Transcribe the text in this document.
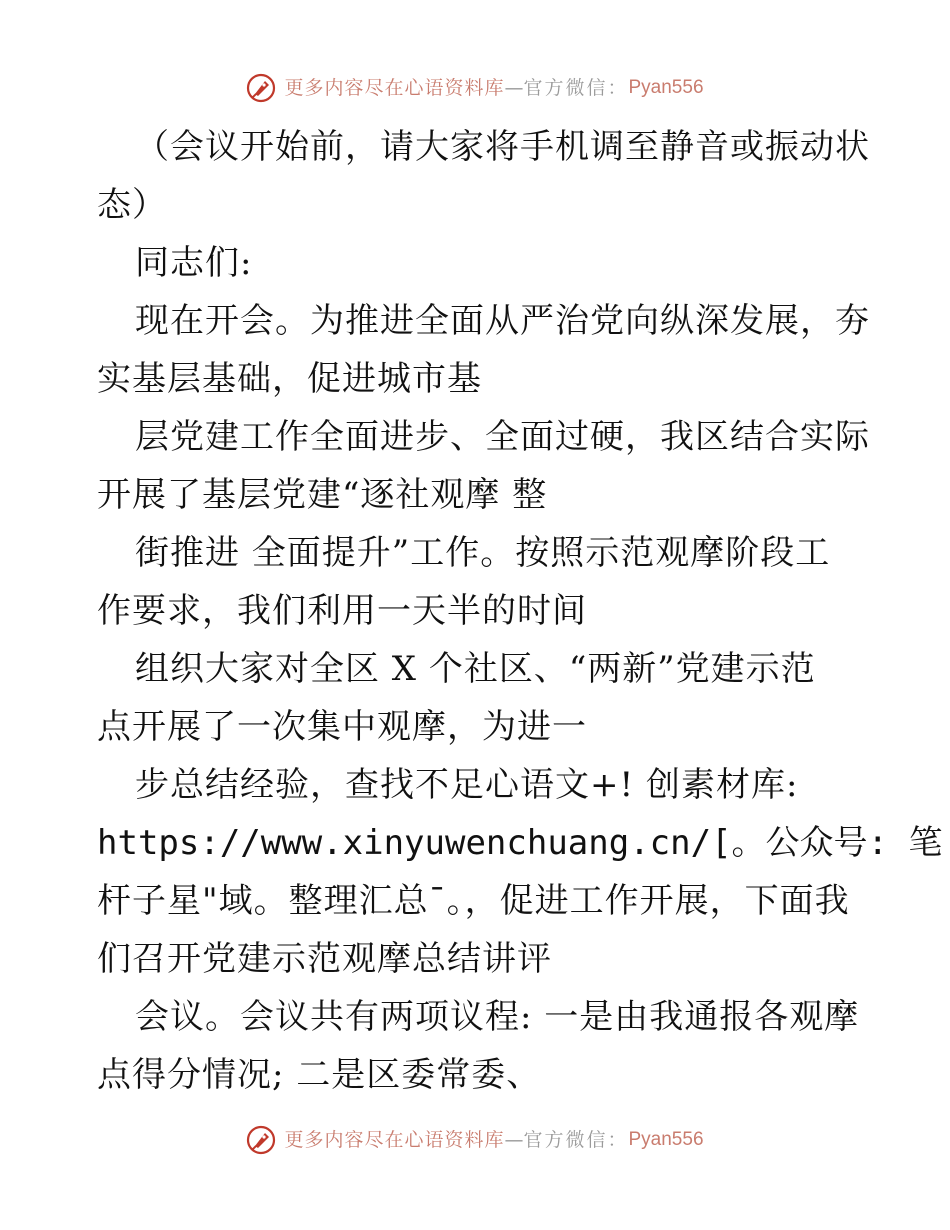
更多内容尽在心语资料库 — 官方微信： Pyan556
（会议开始前，请大家将手机调至静音或振动状
态）
同志们:
现在开会。为推进全面从严治党向纵深发展，夯
实基层基础，促进城市基
层党建工作全面进步、全面过硬，我区结合实际
开展了基层党建“逐社观摩 整
街推进 全面提升”工作。按照示范观摩阶段工
作要求，我们利用一天半的时间
组织大家对全区 X 个社区、“两新”党建示范
点开展了一次集中观摩，为进一
步总结经验，查找不足心语文+! 创素材库:
https://www.xinyuwenchuang.cn/[。公众号: 笔
杆子星"域。整理汇总¯。，促进工作开展，下面我
们召开党建示范观摩总结讲评
会议。会议共有两项议程: 一是由我通报各观摩
点得分情况; 二是区委常委、
更多内容尽在心语资料库 — 官方微信： Pyan556
